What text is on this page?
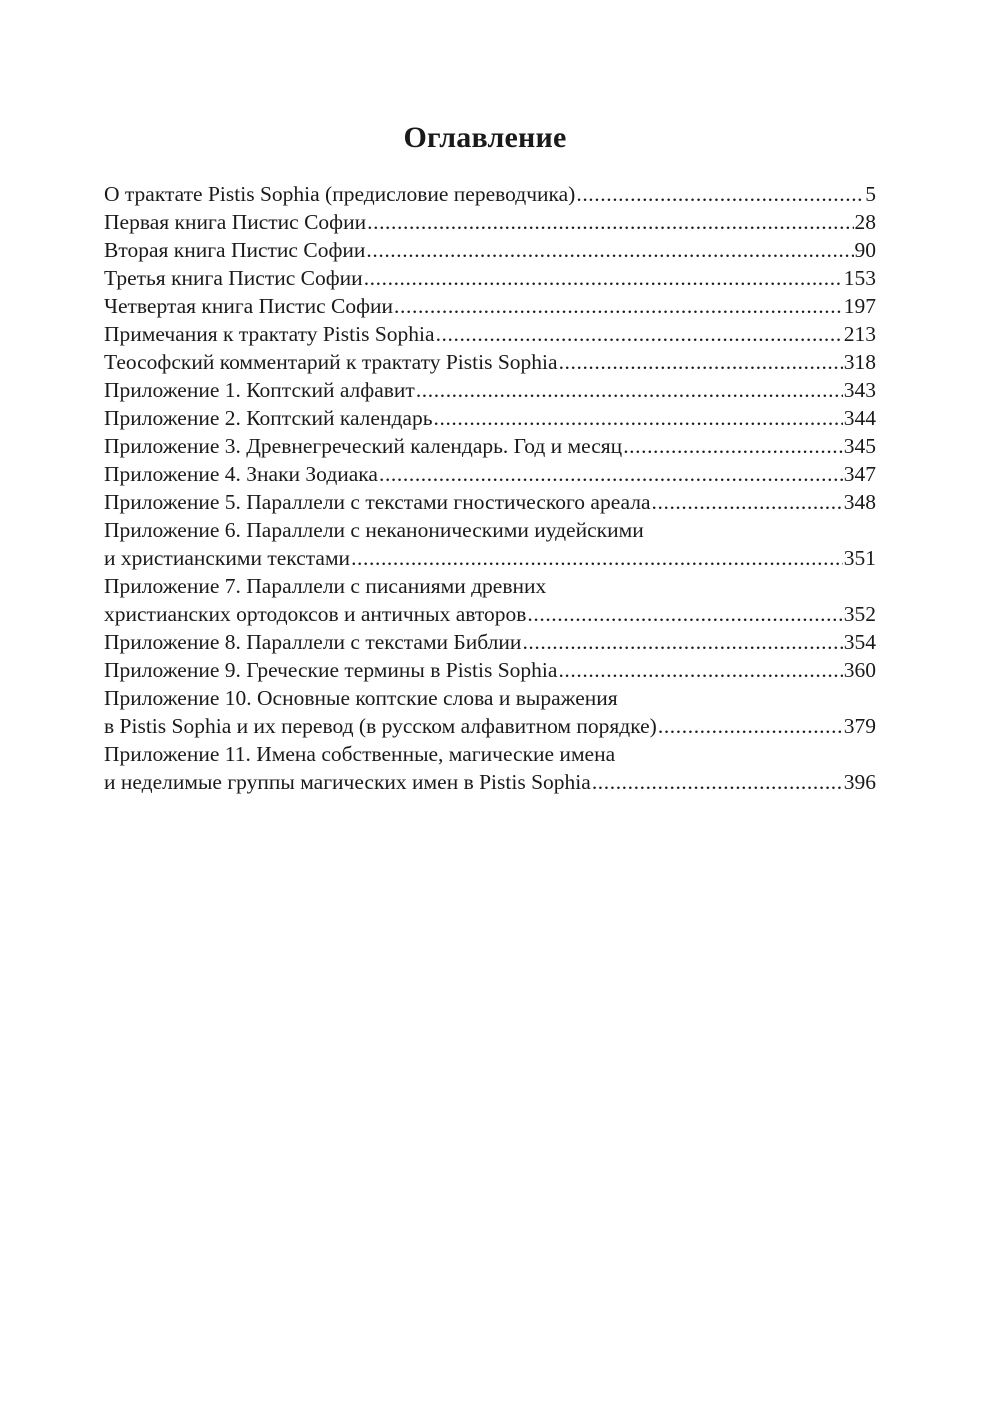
Оглавление
О трактате Pistis Sophia (предисловие переводчика) .....	5
Первая книга Пистис Софии .....	28
Вторая книга Пистис Софии .....	90
Третья книга Пистис Софии .....	153
Четвертая книга Пистис Софии .....	197
Примечания к трактату Pistis Sophia .....	213
Теософский комментарий к трактату Pistis Sophia .....	318
Приложение 1. Коптский алфавит .....	343
Приложение 2. Коптский календарь .....	344
Приложение 3. Древнегреческий календарь. Год и месяц .....	345
Приложение 4. Знаки Зодиака .....	347
Приложение 5. Параллели с текстами гностического ареала .....	348
Приложение 6. Параллели с неканоническими иудейскими
и христианскими текстами .....	351
Приложение 7. Параллели с писаниями древних
христианских ортодоксов и античных авторов .....	352
Приложение 8. Параллели с текстами Библии .....	354
Приложение 9. Греческие термины в Pistis Sophia .....	360
Приложение 10. Основные коптские слова и выражения
в Pistis Sophia и их перевод (в русском алфавитном порядке) .....	379
Приложение 11. Имена собственные, магические имена
и неделимые группы магических имен в Pistis Sophia .....	396
